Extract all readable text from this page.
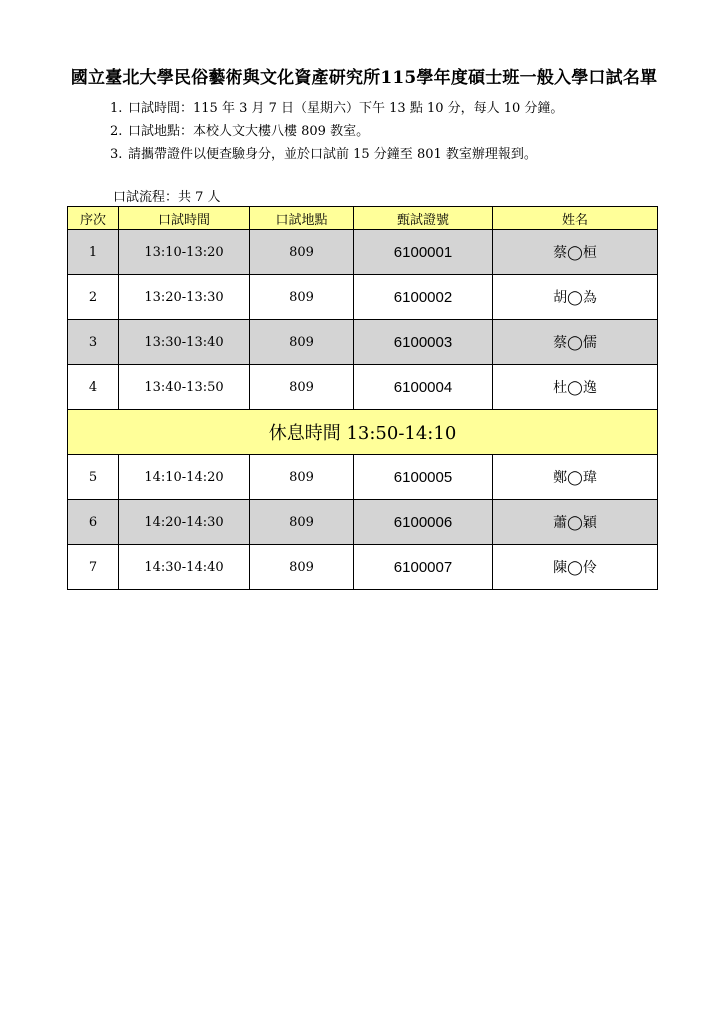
國立臺北大學民俗藝術與文化資產研究所115學年度碩士班一般入學口試名單
1. 口試時間：115 年 3 月 7 日（星期六）下午 13 點 10 分，每人 10 分鐘。
2. 口試地點：本校人文大樓八樓 809 教室。
3. 請攜帶證件以便查驗身分，並於口試前 15 分鐘至 801 教室辦理報到。
口試流程：共 7 人
序次	口試時間	口試地點	甄試證號	姓名
1	13:10-13:20	809	6100001	蔡◯桓
2	13:20-13:30	809	6100002	胡◯為
3	13:30-13:40	809	6100003	蔡◯儒
4	13:40-13:50	809	6100004	杜◯逸
休息時間 13:50-14:10				
5	14:10-14:20	809	6100005	鄭◯瑋
6	14:20-14:30	809	6100006	蕭◯穎
7	14:30-14:40	809	6100007	陳◯伶
